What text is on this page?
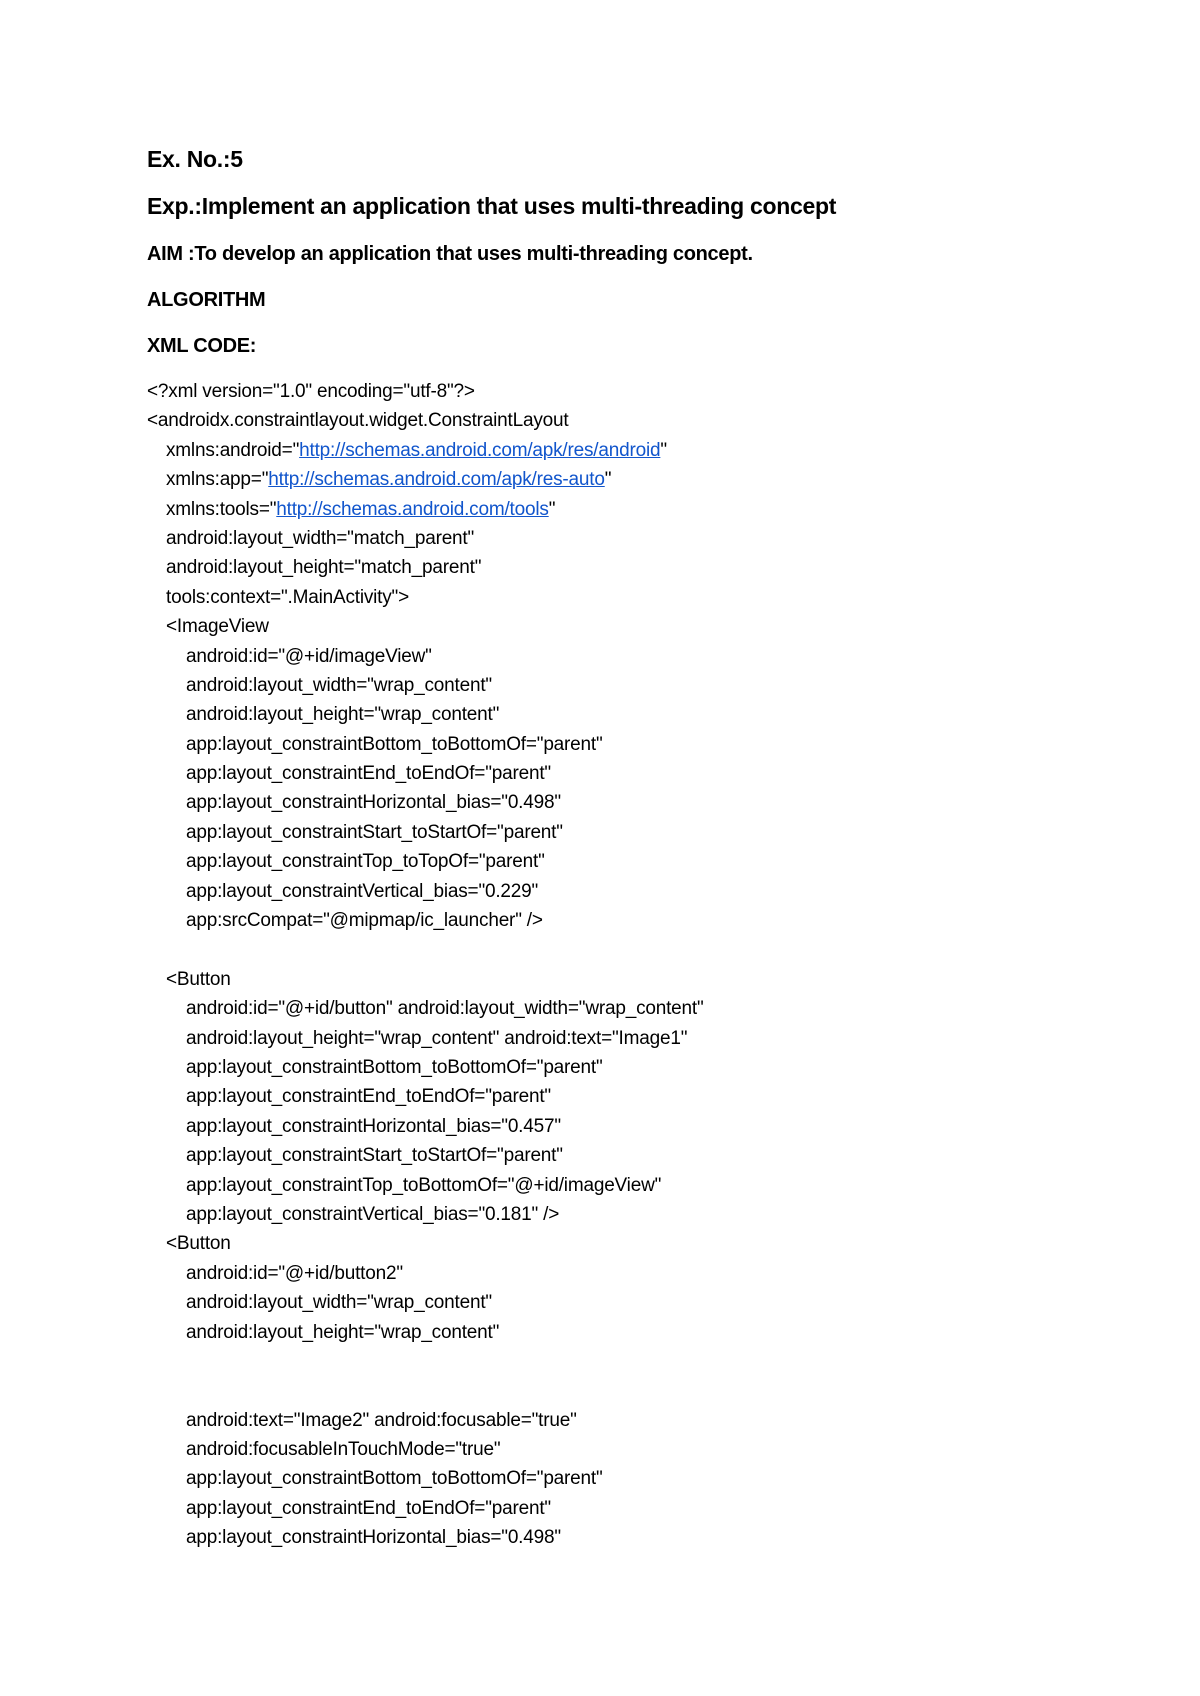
Ex. No.:5
Exp.:Implement an application that uses multi-threading concept
AIM :To develop an application that uses multi-threading concept.
ALGORITHM
XML CODE:
<?xml version="1.0" encoding="utf-8"?>
<androidx.constraintlayout.widget.ConstraintLayout
xmlns:android="http://schemas.android.com/apk/res/android"
xmlns:app="http://schemas.android.com/apk/res-auto"
xmlns:tools="http://schemas.android.com/tools"
android:layout_width="match_parent"
android:layout_height="match_parent"
tools:context=".MainActivity">
<ImageView
android:id="@+id/imageView"
android:layout_width="wrap_content"
android:layout_height="wrap_content"
app:layout_constraintBottom_toBottomOf="parent"
app:layout_constraintEnd_toEndOf="parent"
app:layout_constraintHorizontal_bias="0.498"
app:layout_constraintStart_toStartOf="parent"
app:layout_constraintTop_toTopOf="parent"
app:layout_constraintVertical_bias="0.229"
app:srcCompat="@mipmap/ic_launcher" />
<Button
android:id="@+id/button" android:layout_width="wrap_content"
android:layout_height="wrap_content" android:text="Image1"
app:layout_constraintBottom_toBottomOf="parent"
app:layout_constraintEnd_toEndOf="parent"
app:layout_constraintHorizontal_bias="0.457"
app:layout_constraintStart_toStartOf="parent"
app:layout_constraintTop_toBottomOf="@+id/imageView"
app:layout_constraintVertical_bias="0.181" />
<Button
android:id="@+id/button2"
android:layout_width="wrap_content"
android:layout_height="wrap_content"
android:text="Image2" android:focusable="true"
android:focusableInTouchMode="true"
app:layout_constraintBottom_toBottomOf="parent"
app:layout_constraintEnd_toEndOf="parent"
app:layout_constraintHorizontal_bias="0.498"
